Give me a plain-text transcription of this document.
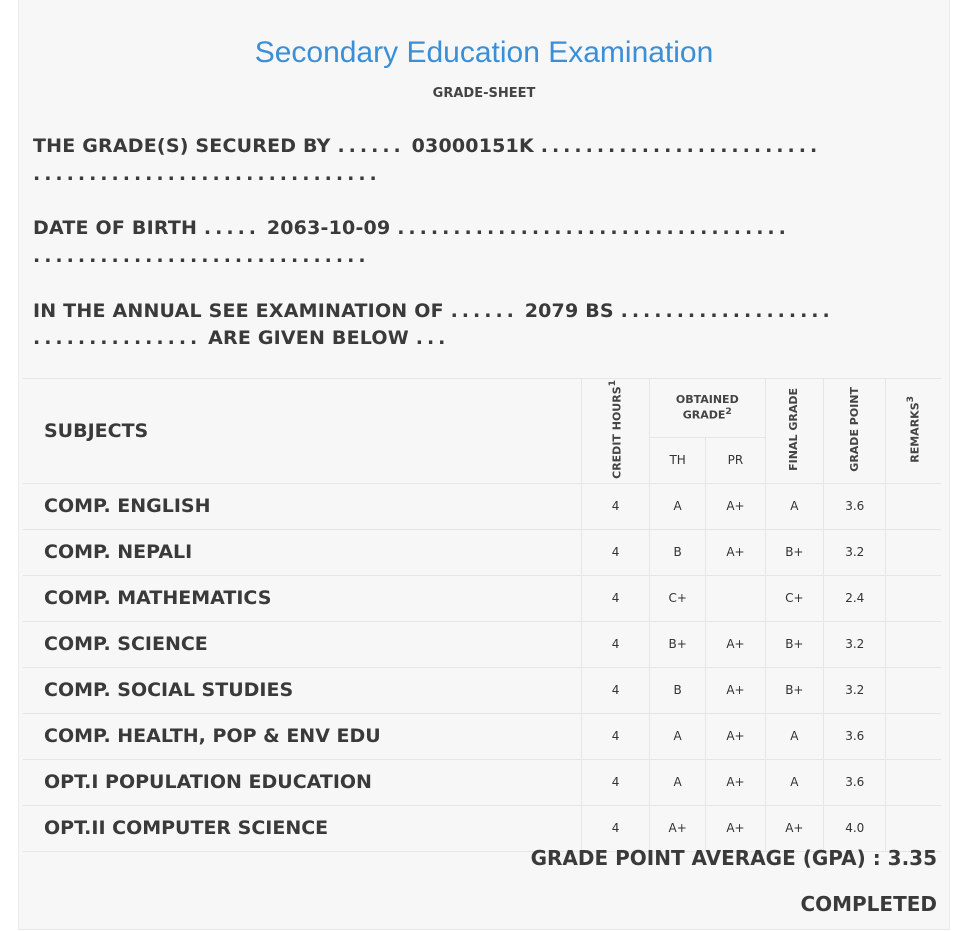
Secondary Education Examination
GRADE-SHEET
THE GRADE(S) SECURED BY ...... 03000151K .........................
...............................
DATE OF BIRTH ..... 2063-10-09 ...................................
..............................
IN THE ANNUAL SEE EXAMINATION OF ...... 2079 BS ...................
............... ARE GIVEN BELOW ...
SUBJECTS	CREDIT HOURS$^1$	OBTAINED GRADE$^2$		FINAL GRADE	GRADE POINT	REMARKS$^3$
		TH	PR			
COMP. ENGLISH	4	A	A+	A	3.6	
COMP. NEPALI	4	B	A+	B+	3.2	
COMP. MATHEMATICS	4	C+		C+	2.4	
COMP. SCIENCE	4	B+	A+	B+	3.2	
COMP. SOCIAL STUDIES	4	B	A+	B+	3.2	
COMP. HEALTH, POP & ENV EDU	4	A	A+	A	3.6	
OPT.I POPULATION EDUCATION	4	A	A+	A	3.6	
OPT.II COMPUTER SCIENCE	4	A+	A+	A+	4.0	
GRADE POINT AVERAGE (GPA) : 3.35
COMPLETED
